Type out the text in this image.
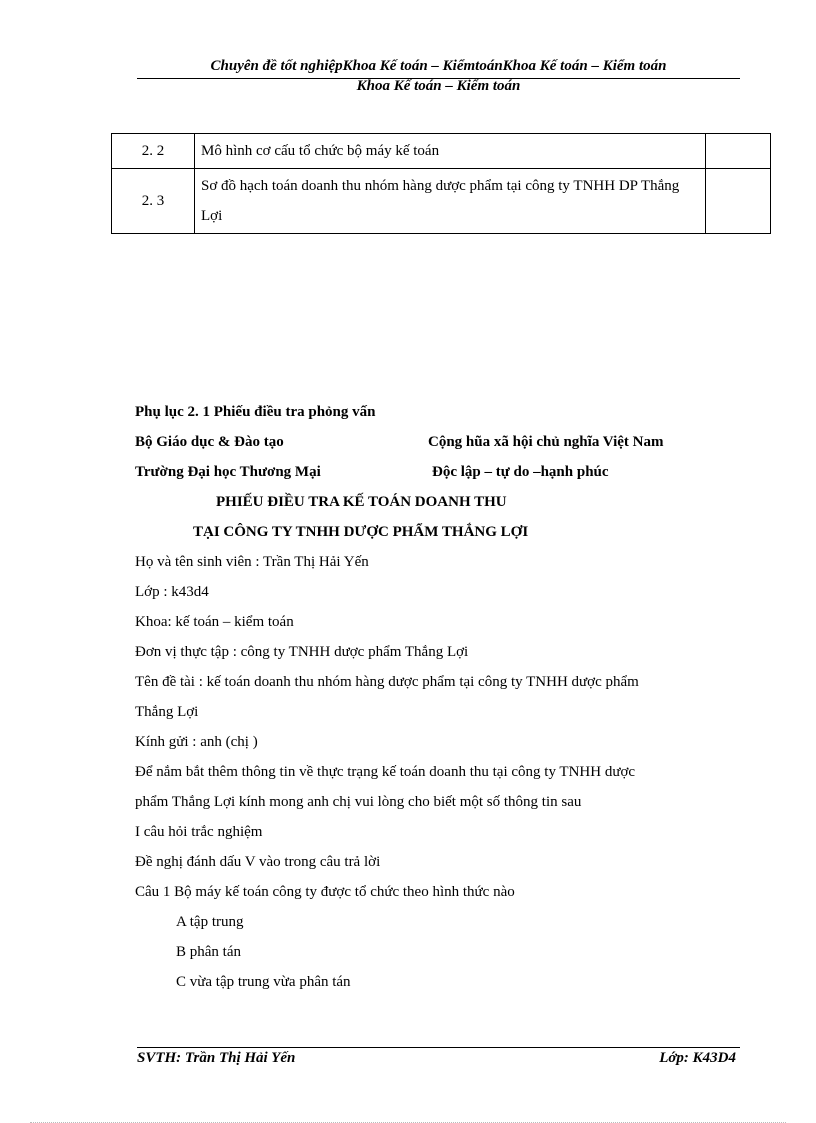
Chuyên đề tốt nghiệpKhoa Kế toán – KiểmtoánKhoa Kế toán – Kiểm toán
Khoa Kế toán – Kiểm toán
2. 2	Mô hình cơ cấu tổ chức bộ máy kế toán	
2. 3	Sơ đồ hạch toán doanh thu nhóm hàng dược phẩm tại công ty TNHH DP Thắng Lợi	
Phụ lục 2. 1 Phiếu điều tra phỏng vấn
Bộ Giáo dục & Đào tạo	Cộng hũa xã hội chủ nghĩa Việt Nam
Trường Đại học Thương Mại	Độc lập – tự do –hạnh phúc
PHIẾU ĐIỀU TRA KẾ TOÁN DOANH THU
TẠI CÔNG TY TNHH DƯỢC PHẨM THẮNG LỢI
Họ và tên sinh viên : Trần Thị Hải Yến
Lớp : k43d4
Khoa: kế toán – kiểm toán
Đơn vị thực tập : công ty TNHH dược phẩm Thắng Lợi
Tên đề tài : kế toán doanh thu nhóm hàng dược phẩm tại công ty TNHH dược phẩm
Thắng Lợi
Kính gửi : anh (chị )
Để nắm bắt thêm thông tin về thực trạng kế toán doanh thu tại công ty TNHH dược
phẩm Thắng Lợi kính mong anh chị vui lòng cho biết một số thông tin sau
I câu hỏi trắc nghiệm
Đề nghị đánh dấu V vào trong câu trả lời
Câu 1 Bộ máy kế toán công ty được tổ chức theo hình thức nào
A tập trung
B phân tán
C vừa tập trung vừa phân tán
SVTH: Trần Thị Hải Yến	Lớp: K43D4
